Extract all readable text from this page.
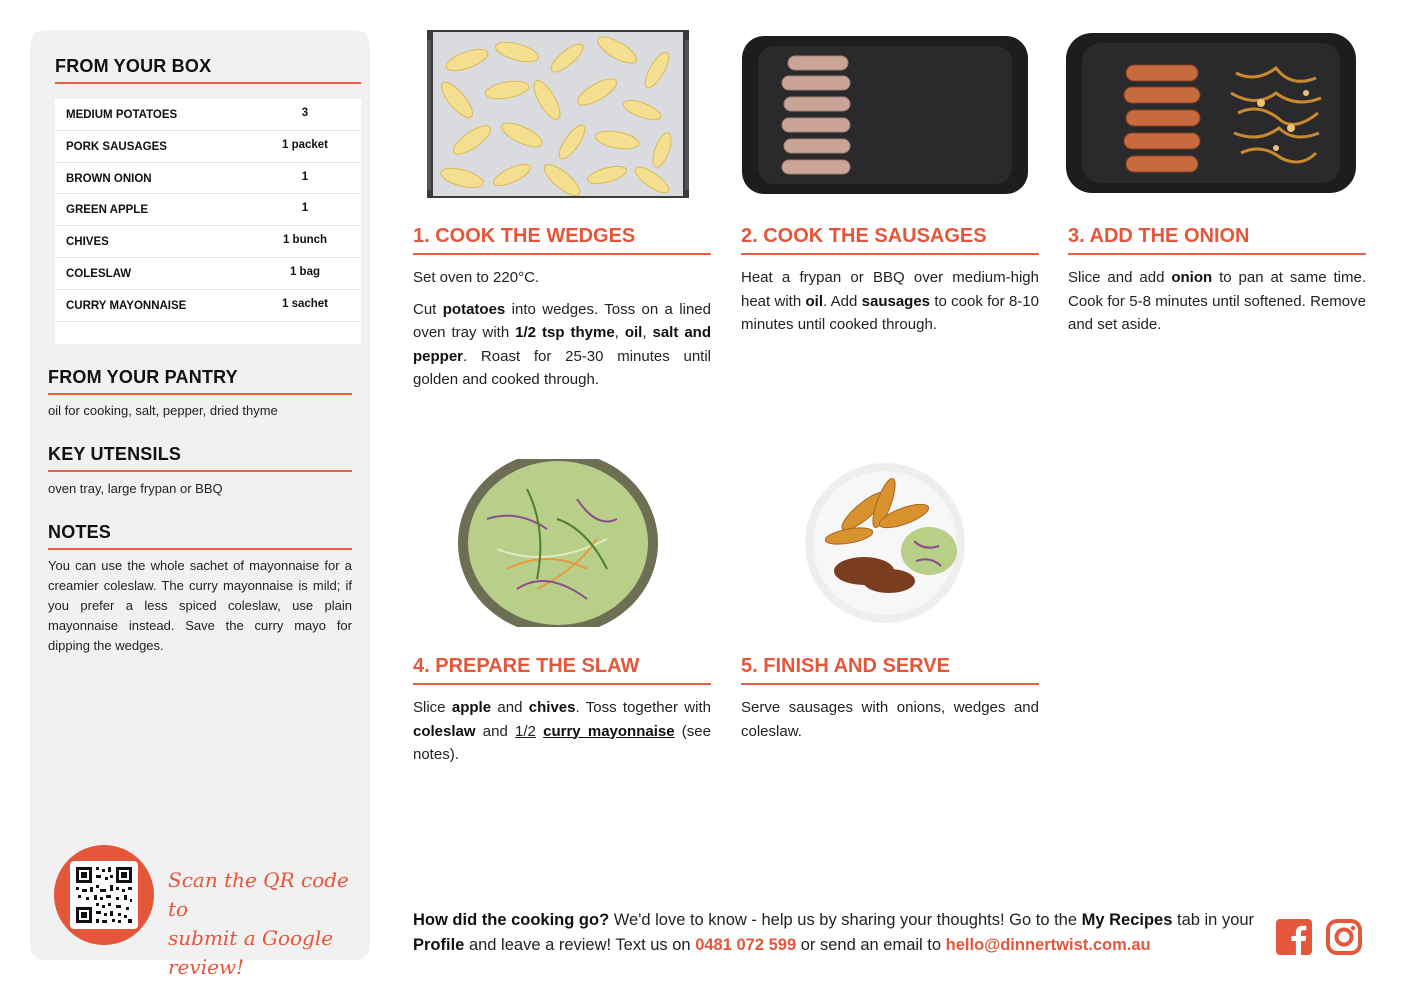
FROM YOUR BOX
MEDIUM POTATOES	3
PORK SAUSAGES	1 packet
BROWN ONION	1
GREEN APPLE	1
CHIVES	1 bunch
COLESLAW	1 bag
CURRY MAYONNAISE	1 sachet
FROM YOUR PANTRY
oil for cooking, salt, pepper, dried thyme
KEY UTENSILS
oven tray, large frypan or BBQ
NOTES
You can use the whole sachet of mayonnaise for a creamier coleslaw. The curry mayonnaise is mild; if you prefer a less spiced coleslaw, use plain mayonnaise instead. Save the curry mayo for dipping the wedges.
Scan the QR code to
submit a Google review!
1. COOK THE WEDGES

Set oven to 220°C.

Cut potatoes into wedges. Toss on a lined oven tray with 1/2 tsp thyme, oil, salt and pepper. Roast for 25-30 minutes until golden and cooked through.

2. COOK THE SAUSAGES

Heat a frypan or BBQ over medium-high heat with oil. Add sausages to cook for 8-10 minutes until cooked through.

3. ADD THE ONION

Slice and add onion to pan at same time. Cook for 5-8 minutes until softened. Remove and set aside.

4. PREPARE THE SLAW

Slice apple and chives. Toss together with coleslaw and 1/2 curry mayonnaise (see notes).

5. FINISH AND SERVE

Serve sausages with onions, wedges and coleslaw.

How did the cooking go? We'd love to know - help us by sharing your thoughts! Go to the My Recipes tab in your Profile and leave a review! Text us on 0481 072 599 or send an email to hello@dinnertwist.com.au
